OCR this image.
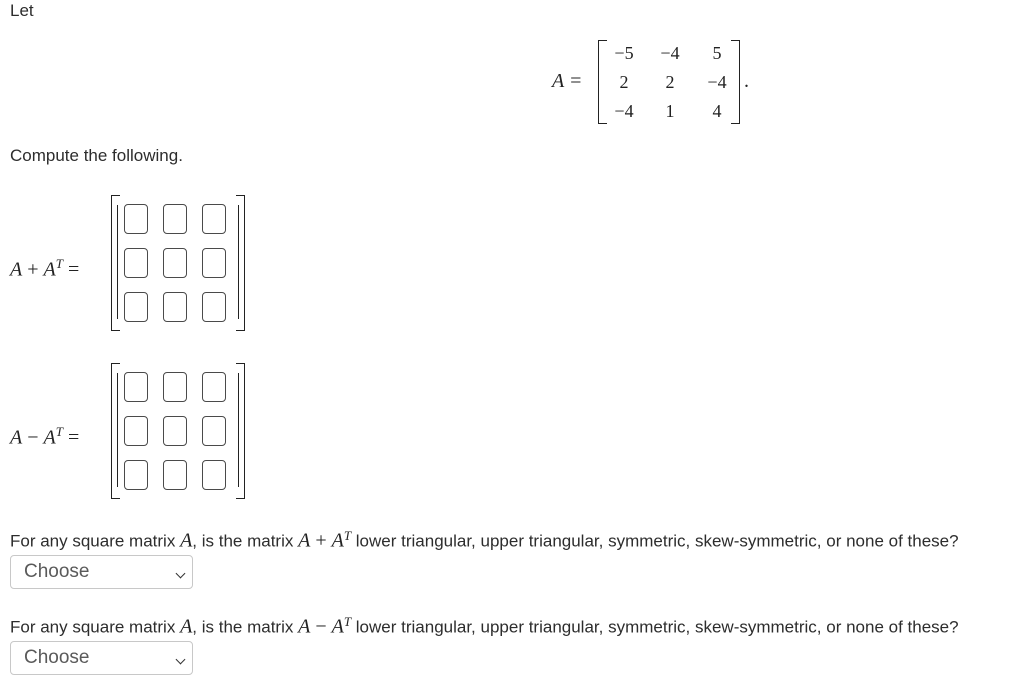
Let
A =
−5	−4	5
2	2	−4
−4	1	4
.
Compute the following.
$A + A^T$ =
$A - A^T$ =
For any square matrix A, is the matrix $A + A^T$ lower triangular, upper triangular, symmetric, skew-symmetric, or none of these?
Choose
For any square matrix A, is the matrix $A - A^T$ lower triangular, upper triangular, symmetric, skew-symmetric, or none of these?
Choose
